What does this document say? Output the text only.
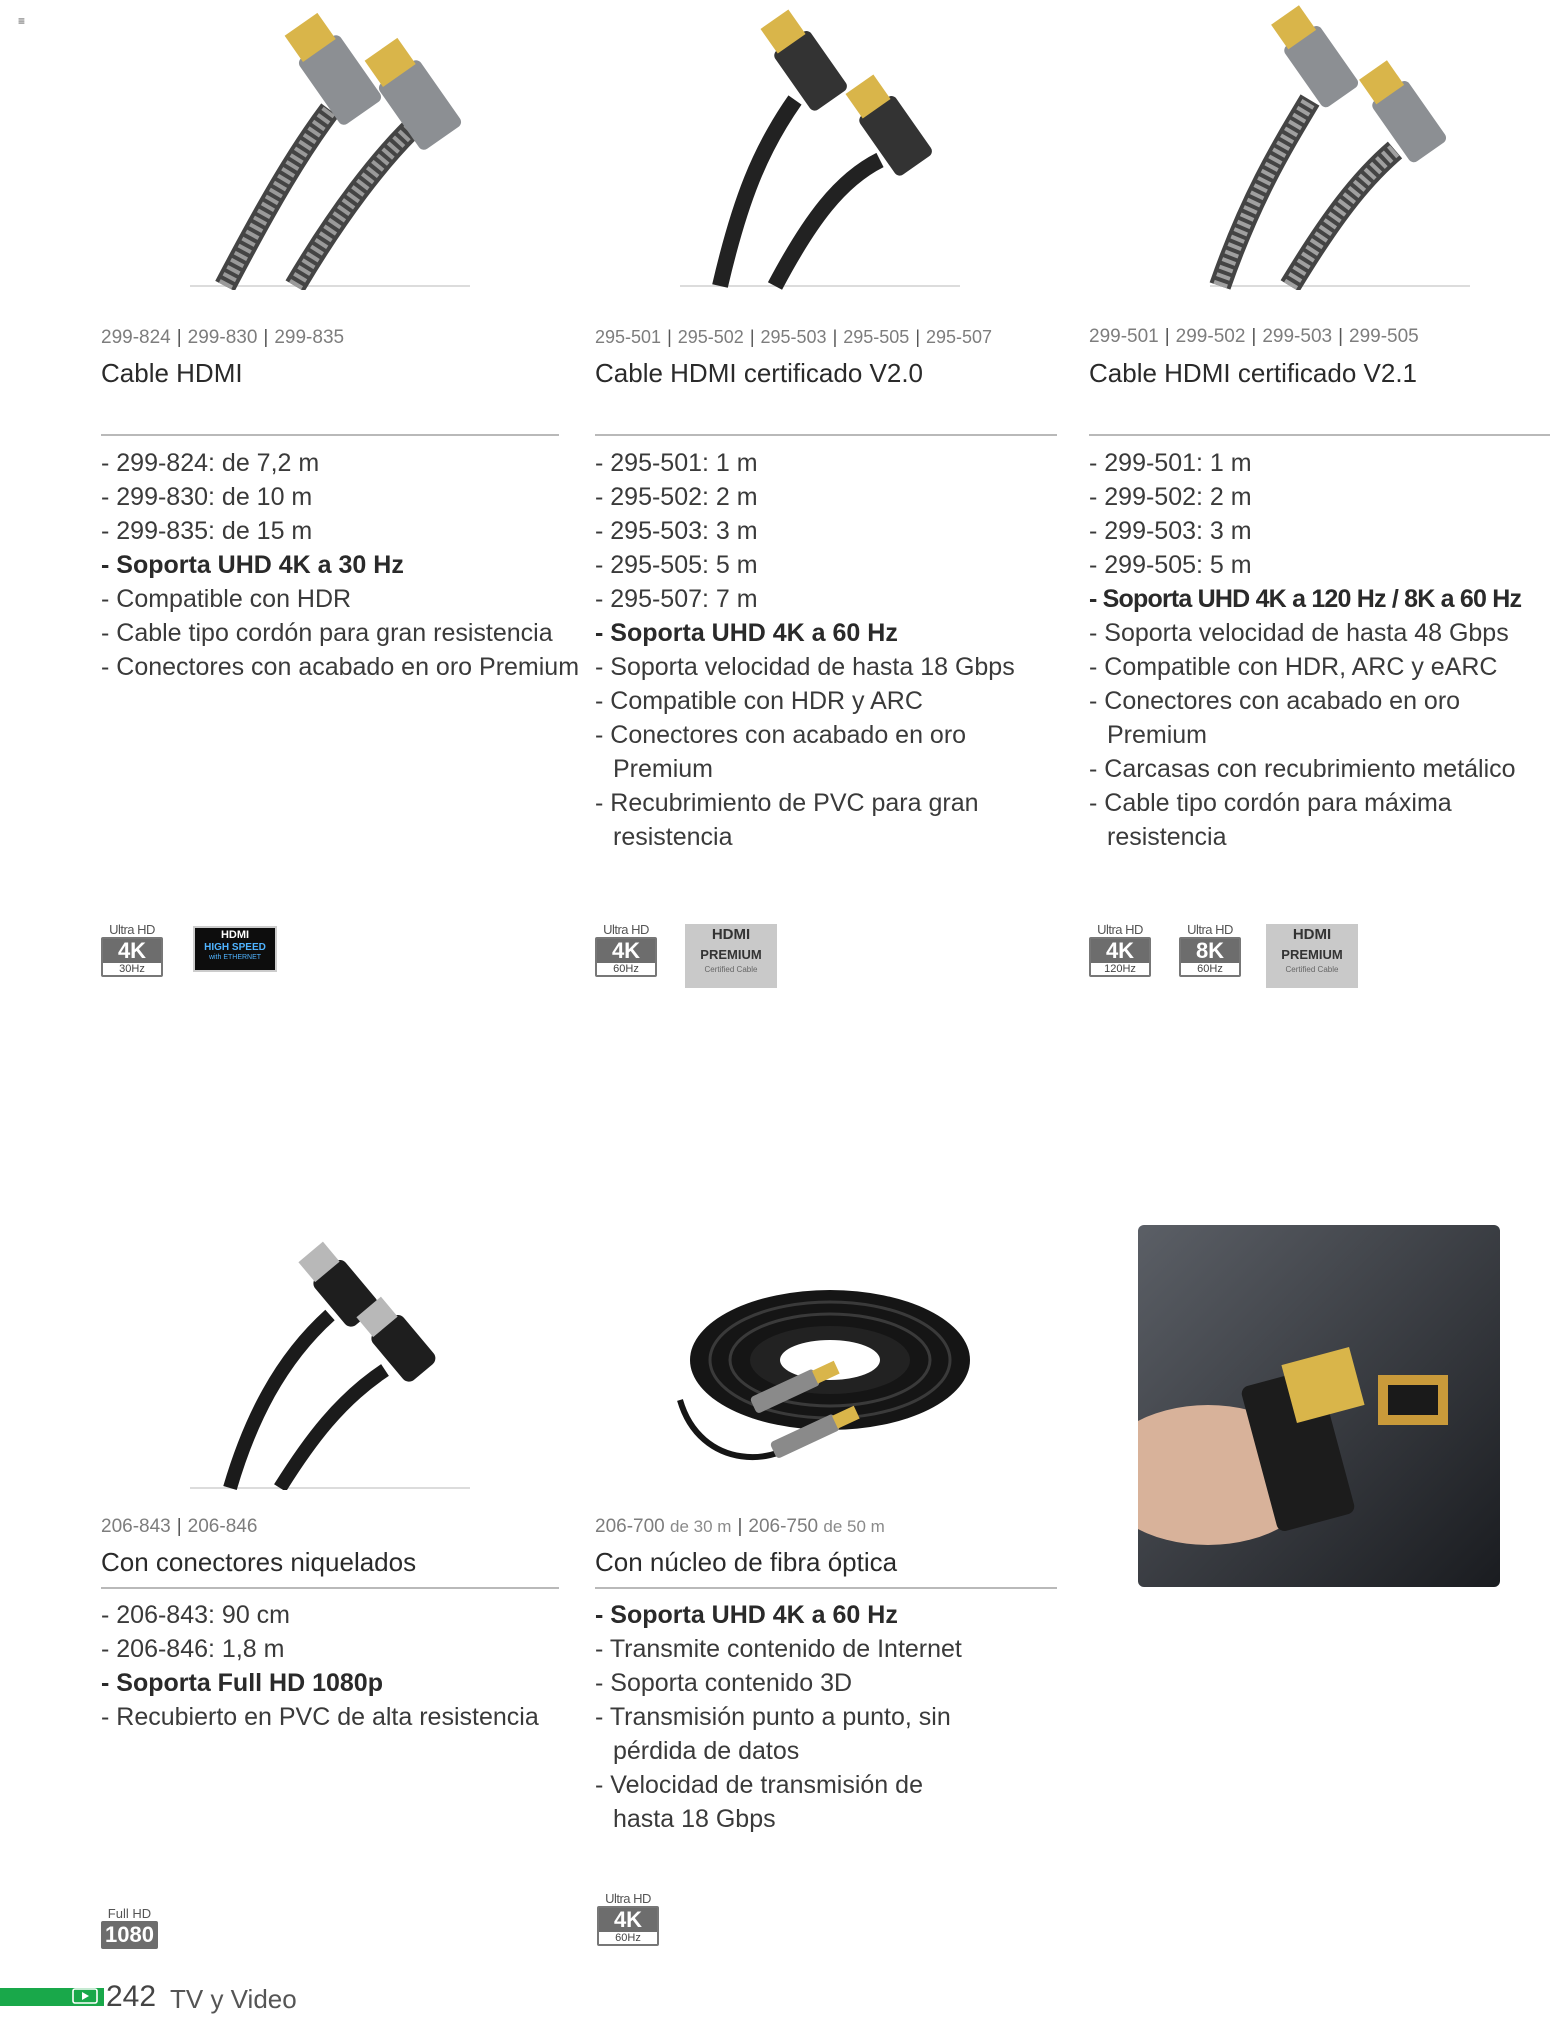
≡
299-824 | 299-830 | 299-835
Cable HDMI
- 299-824: de 7,2 m
- 299-830: de 10 m
- 299-835: de 15 m
- Soporta UHD 4K a 30 Hz
- Compatible con HDR
- Cable tipo cordón para gran resistencia
- Conectores con acabado en oro Premium
Ultra HD
4K
30Hz
HDMI
HIGH SPEED
with ETHERNET
295-501 | 295-502 | 295-503 | 295-505 | 295-507
Cable HDMI certificado V2.0
- 295-501: 1 m
- 295-502: 2 m
- 295-503: 3 m
- 295-505: 5 m
- 295-507: 7 m
- Soporta UHD 4K a 60 Hz
- Soporta velocidad de hasta 18 Gbps
- Compatible con HDR y ARC
- Conectores con acabado en oro Premium
- Recubrimiento de PVC para gran resistencia
Ultra HD
4K
60Hz
HDMI
PREMIUM
Certified Cable
299-501 | 299-502 | 299-503 | 299-505
Cable HDMI certificado V2.1
- 299-501: 1 m
- 299-502: 2 m
- 299-503: 3 m
- 299-505: 5 m
- Soporta UHD 4K a 120 Hz / 8K a 60 Hz
- Soporta velocidad de hasta 48 Gbps
- Compatible con HDR, ARC y eARC
- Conectores con acabado en oro Premium
- Carcasas con recubrimiento metálico
- Cable tipo cordón para máxima resistencia
Ultra HD
4K
120Hz
Ultra HD
8K
60Hz
HDMI
PREMIUM
Certified Cable
206-843 | 206-846
Con conectores niquelados
- 206-843: 90 cm
- 206-846: 1,8 m
- Soporta Full HD 1080p
- Recubierto en PVC de alta resistencia
Full HD
1080
206-700 de 30 m | 206-750 de 50 m
Con núcleo de fibra óptica
- Soporta UHD 4K a 60 Hz
- Transmite contenido de Internet
- Soporta contenido 3D
- Transmisión punto a punto, sin pérdida de datos
- Velocidad de transmisión de hasta 18 Gbps
Ultra HD
4K
60Hz
242 TV y Video
